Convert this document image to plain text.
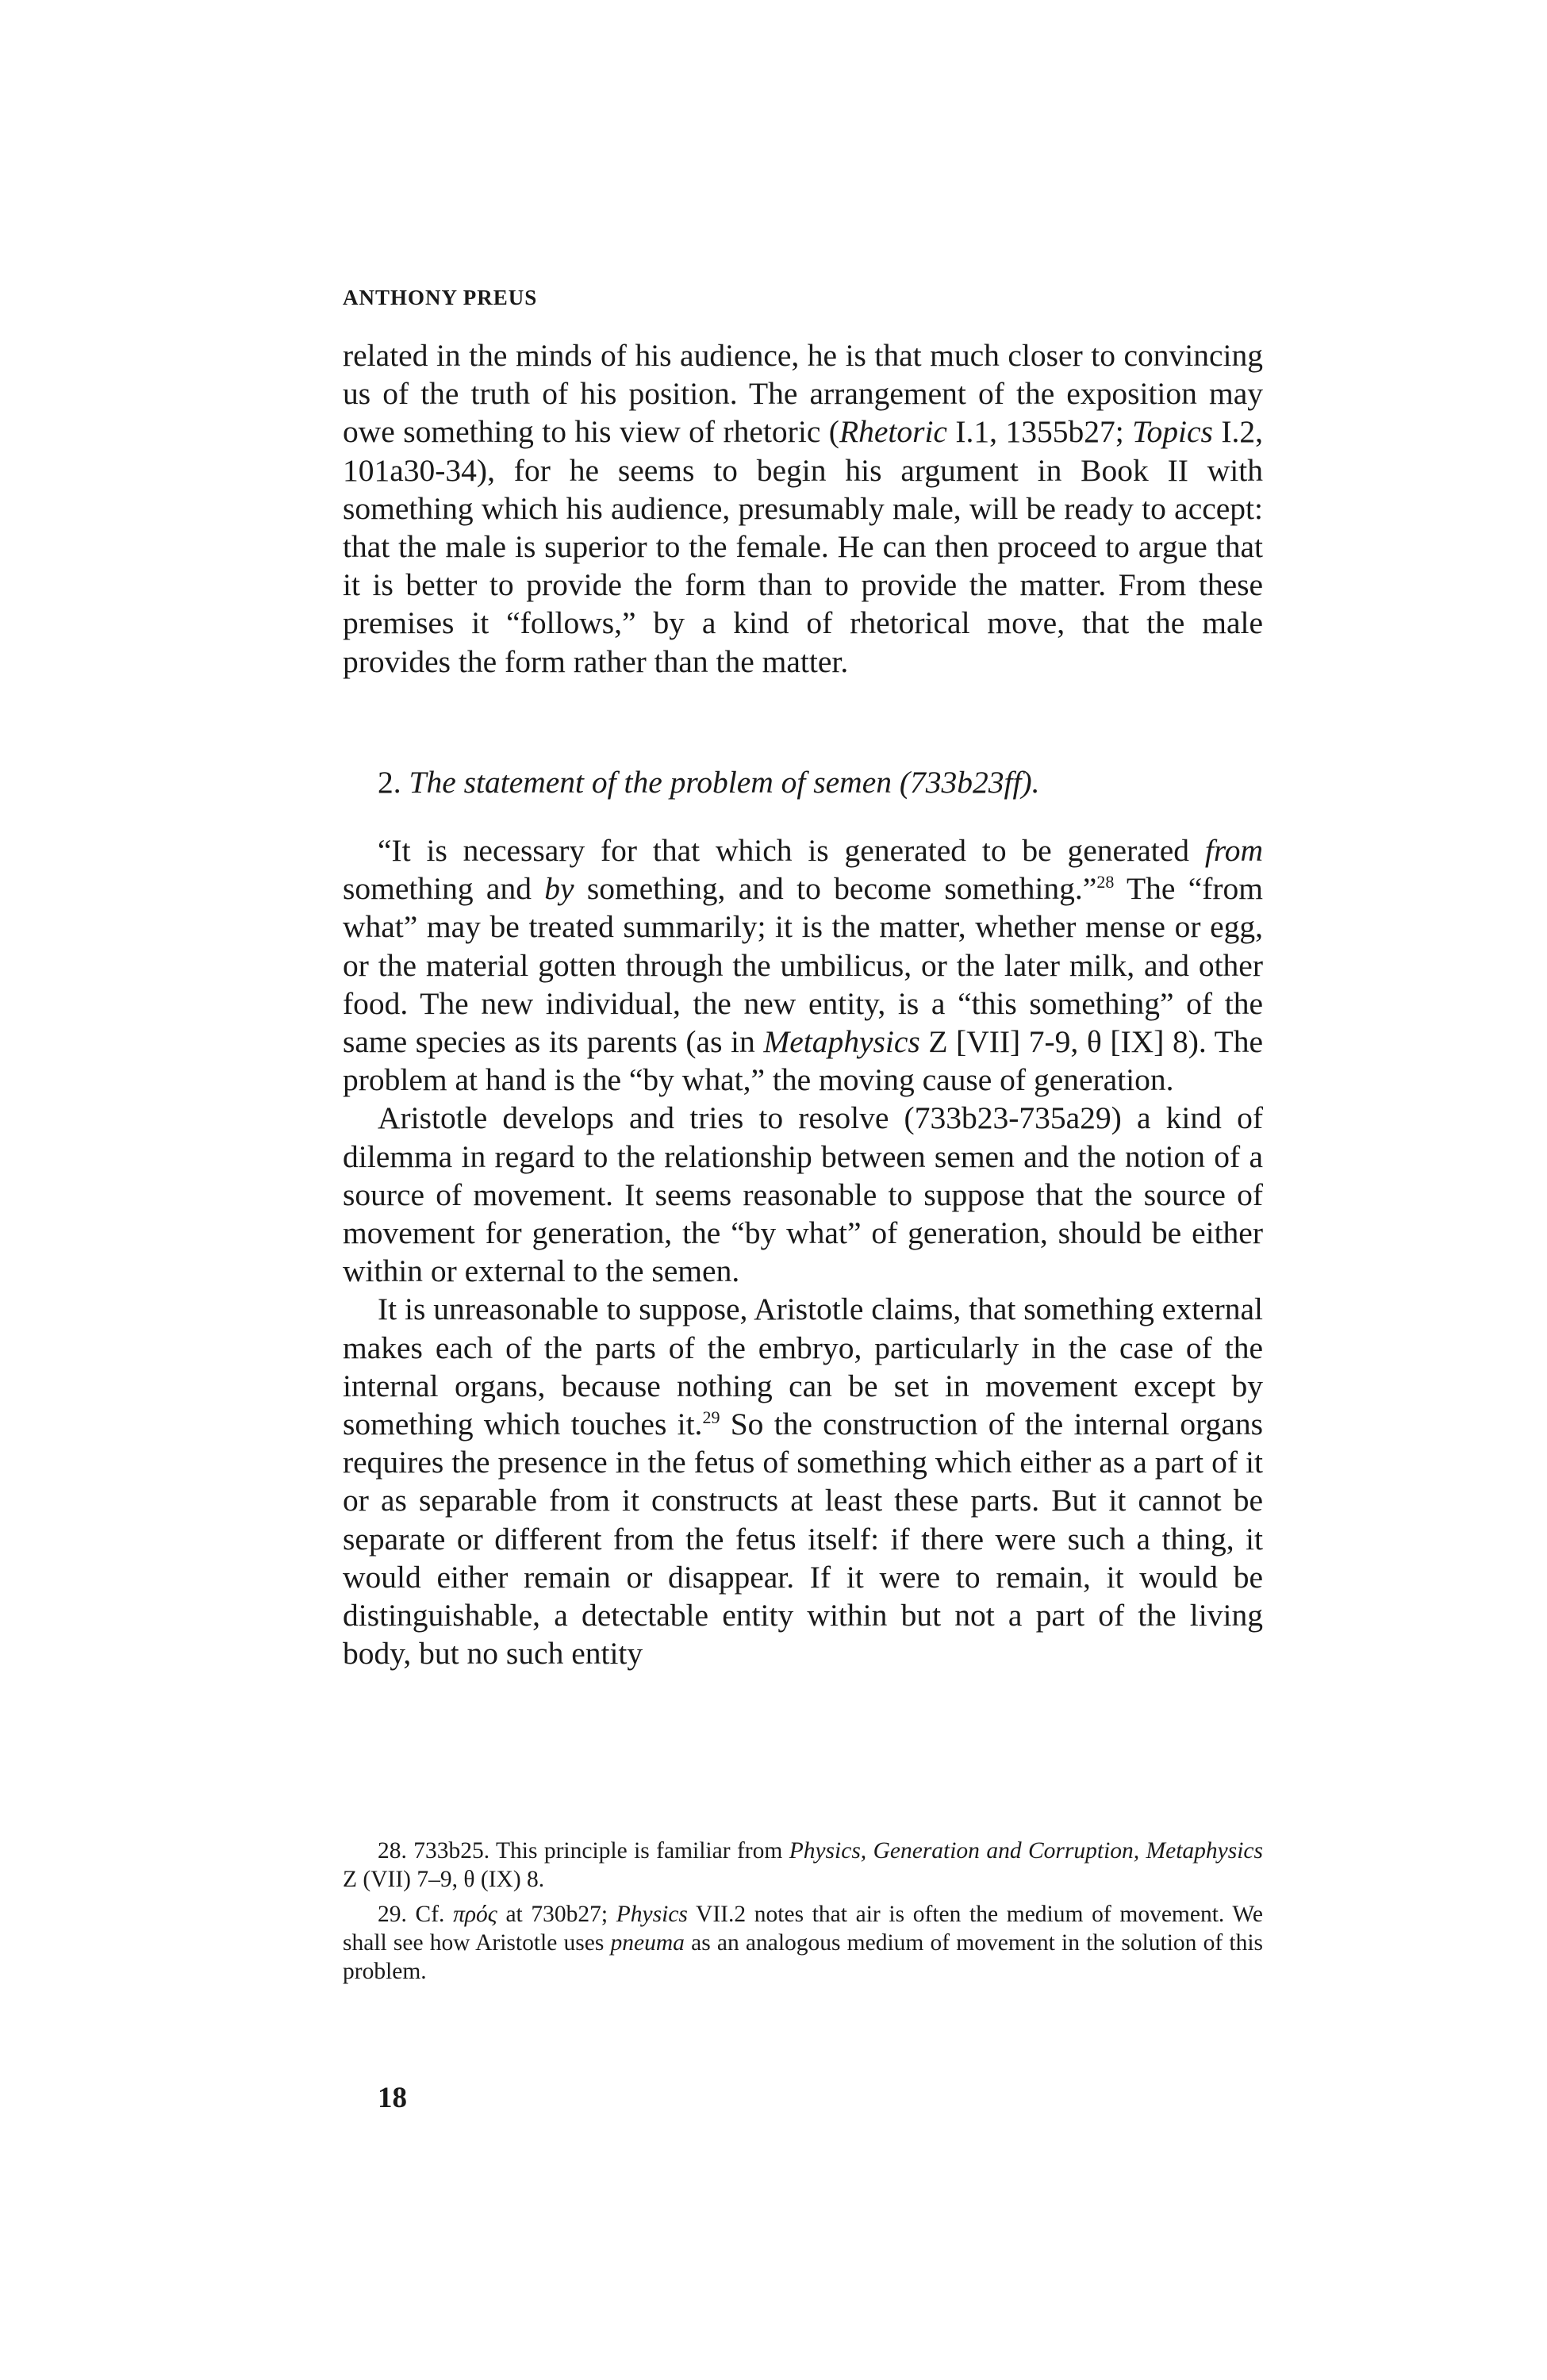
ANTHONY PREUS

related in the minds of his audience, he is that much closer to convincing us of the truth of his position. The arrangement of the exposition may owe something to his view of rhetoric (Rhetoric I.1, 1355b27; Topics I.2, 101a30-34), for he seems to begin his argument in Book II with something which his audience, presumably male, will be ready to accept: that the male is superior to the female. He can then proceed to argue that it is better to provide the form than to provide the matter. From these premises it “follows,” by a kind of rhetorical move, that the male provides the form rather than the matter.

2. The statement of the problem of semen (733b23ff).

“It is necessary for that which is generated to be generated from something and by something, and to become something.”$^{28}$ The “from what” may be treated summarily; it is the matter, whether mense or egg, or the material gotten through the umbilicus, or the later milk, and other food. The new individual, the new entity, is a “this something” of the same species as its parents (as in Metaphysics Z [VII] 7-9, θ [IX] 8). The problem at hand is the “by what,” the moving cause of generation.

Aristotle develops and tries to resolve (733b23-735a29) a kind of dilemma in regard to the relationship between semen and the notion of a source of movement. It seems reasonable to suppose that the source of movement for generation, the “by what” of generation, should be either within or external to the semen.

It is unreasonable to suppose, Aristotle claims, that something external makes each of the parts of the embryo, particularly in the case of the internal organs, because nothing can be set in movement except by something which touches it.$^{29}$ So the construction of the internal organs requires the presence in the fetus of something which either as a part of it or as separable from it constructs at least these parts. But it cannot be separate or different from the fetus itself: if there were such a thing, it would either remain or disappear. If it were to remain, it would be distinguishable, a detectable entity within but not a part of the living body, but no such entity

28. 733b25. This principle is familiar from Physics, Generation and Corruption, Metaphysics Z (VII) 7–9, θ (IX) 8.

29. Cf. πρός at 730b27; Physics VII.2 notes that air is often the medium of movement. We shall see how Aristotle uses pneuma as an analogous medium of movement in the solution of this problem.

18
